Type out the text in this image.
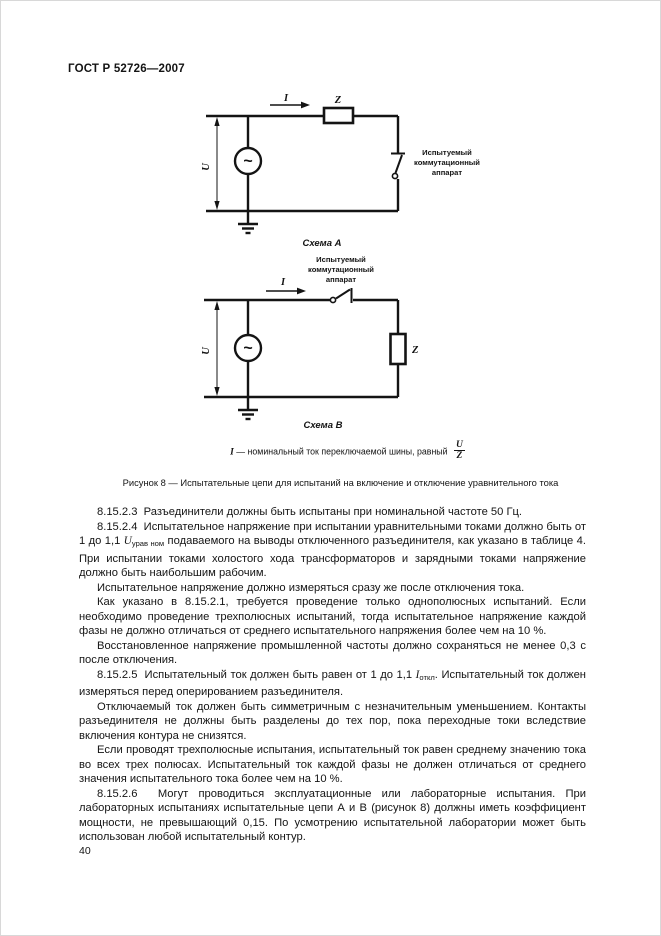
ГОСТ Р 52726—2007
U ~
I	Z
Испытуемый
коммутационный
аппарат
Схема A
Испытуемый
коммутационный
аппарат
I
U ~	Z
Схема B
I — номинальный ток переключаемой шины, равный $\frac{U}{Z}$
Рисунок 8 — Испытательные цепи для испытаний на включение и отключение уравнительного тока

8.15.2.3  Разъединители должны быть испытаны при номинальной частоте 50 Гц.

8.15.2.4  Испытательное напряжение при испытании уравнительными токами должно быть от 1 до 1,1 Uурав ном подаваемого на выводы отключенного разъединителя, как указано в таблице 4. При испытании токами холостого хода трансформаторов и зарядными токами напряжение должно быть наибольшим рабочим.

Испытательное напряжение должно измеряться сразу же после отключения тока.

Как указано в 8.15.2.1, требуется проведение только однополюсных испытаний. Если необходимо проведение трехполюсных испытаний, тогда испытательное напряжение каждой фазы не должно отличаться от среднего испытательного напряжения более чем на 10 %.

Восстановленное напряжение промышленной частоты должно сохраняться не менее 0,3 с после отключения.

8.15.2.5  Испытательный ток должен быть равен от 1 до 1,1 Iоткл. Испытательный ток должен измеряться перед оперированием разъединителя.

Отключаемый ток должен быть симметричным с незначительным уменьшением. Контакты разъединителя не должны быть разделены до тех пор, пока переходные токи вследствие включения контура не снизятся.

Если проводят трехполюсные испытания, испытательный ток равен среднему значению тока во всех трех полюсах. Испытательный ток каждой фазы не должен отличаться от среднего значения испытательного тока более чем на 10 %.

8.15.2.6  Могут проводиться эксплуатационные или лабораторные испытания. При лабораторных испытаниях испытательные цепи А и В (рисунок 8) должны иметь коэффициент мощности, не превышающий 0,15. По усмотрению испытательной лаборатории может быть использован любой испытательный контур.

40
